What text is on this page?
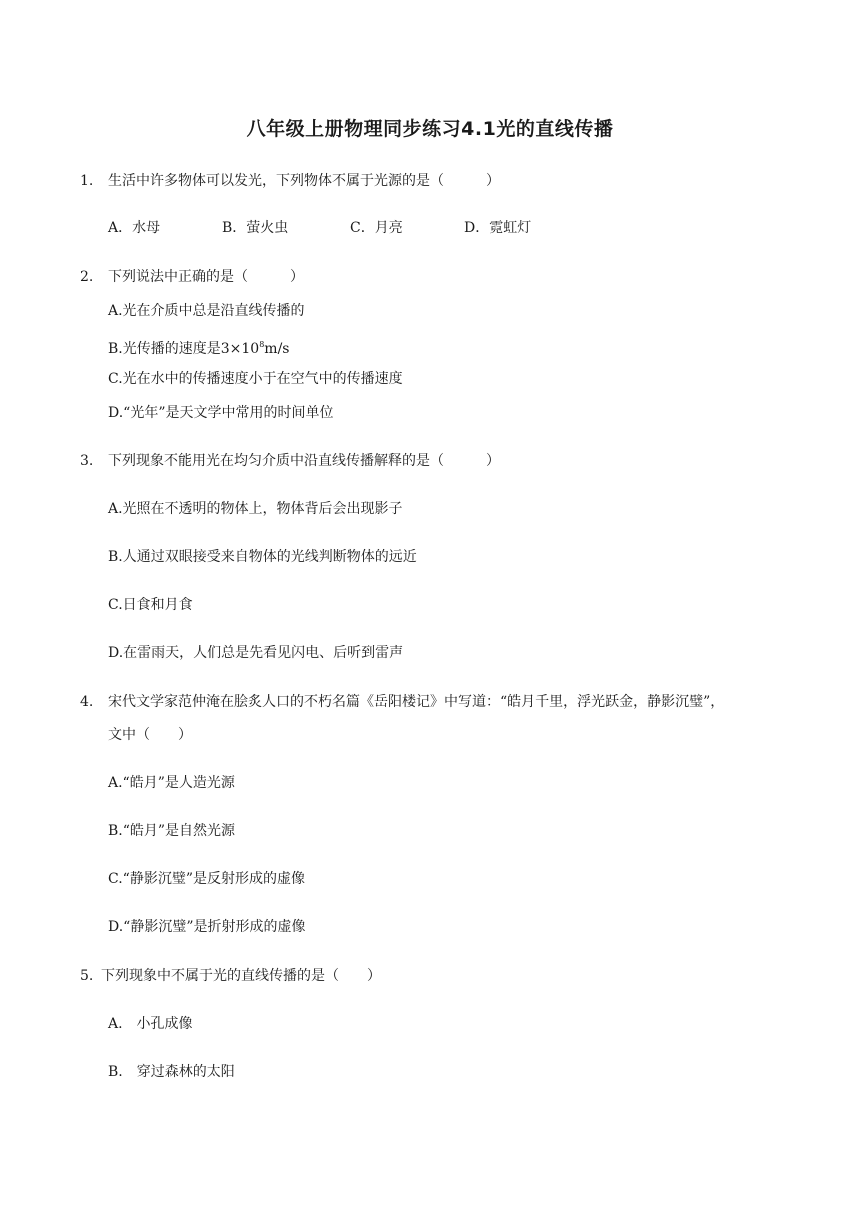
八年级上册物理同步练习4.1光的直线传播
1. 生活中许多物体可以发光，下列物体不属于光源的是（　　　）
A．水母	B．萤火虫	C．月亮	D．霓虹灯
2. 下列说法中正确的是（　　　）
A.光在介质中总是沿直线传播的
B.光传播的速度是$3\times 10^8m/s$
C.光在水中的传播速度小于在空气中的传播速度
D.“光年”是天文学中常用的时间单位
3. 下列现象不能用光在均匀介质中沿直线传播解释的是（　　　）
A.光照在不透明的物体上，物体背后会出现影子
B.人通过双眼接受来自物体的光线判断物体的远近
C.日食和月食
D.在雷雨天，人们总是先看见闪电、后听到雷声
4. 宋代文学家范仲淹在脍炙人口的不朽名篇《岳阳楼记》中写道：“皓月千里，浮光跃金，静影沉璧”，
文中（　　）
A.“皓月”是人造光源
B.“皓月”是自然光源
C.“静影沉璧”是反射形成的虚像
D.“静影沉璧”是折射形成的虚像
5. 下列现象中不属于光的直线传播的是（　　）
A.　小孔成像
B.　穿过森林的太阳
